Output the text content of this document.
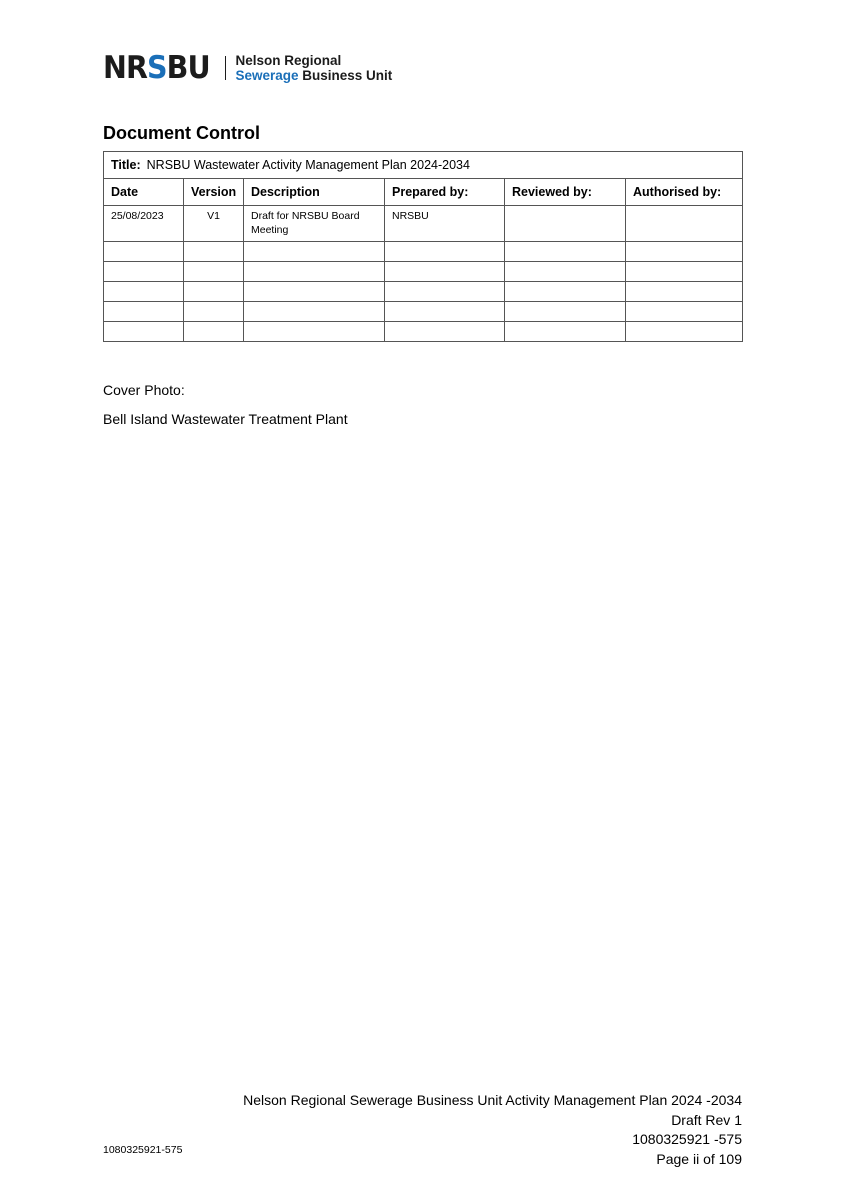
NRSBU Nelson Regional
Sewerage Business Unit
Document Control
Title: NRSBU Wastewater Activity Management Plan 2024-2034					
Date	Version	Description	Prepared by:	Reviewed by:	Authorised by:
25/08/2023	V1	Draft for NRSBU Board Meeting	NRSBU		

Cover Photo:
Bell Island Wastewater Treatment Plant
Nelson Regional Sewerage Business Unit Activity Management Plan 2024 -2034
Draft Rev 1
1080325921 -575
Page ii of 109
1080325921-575
